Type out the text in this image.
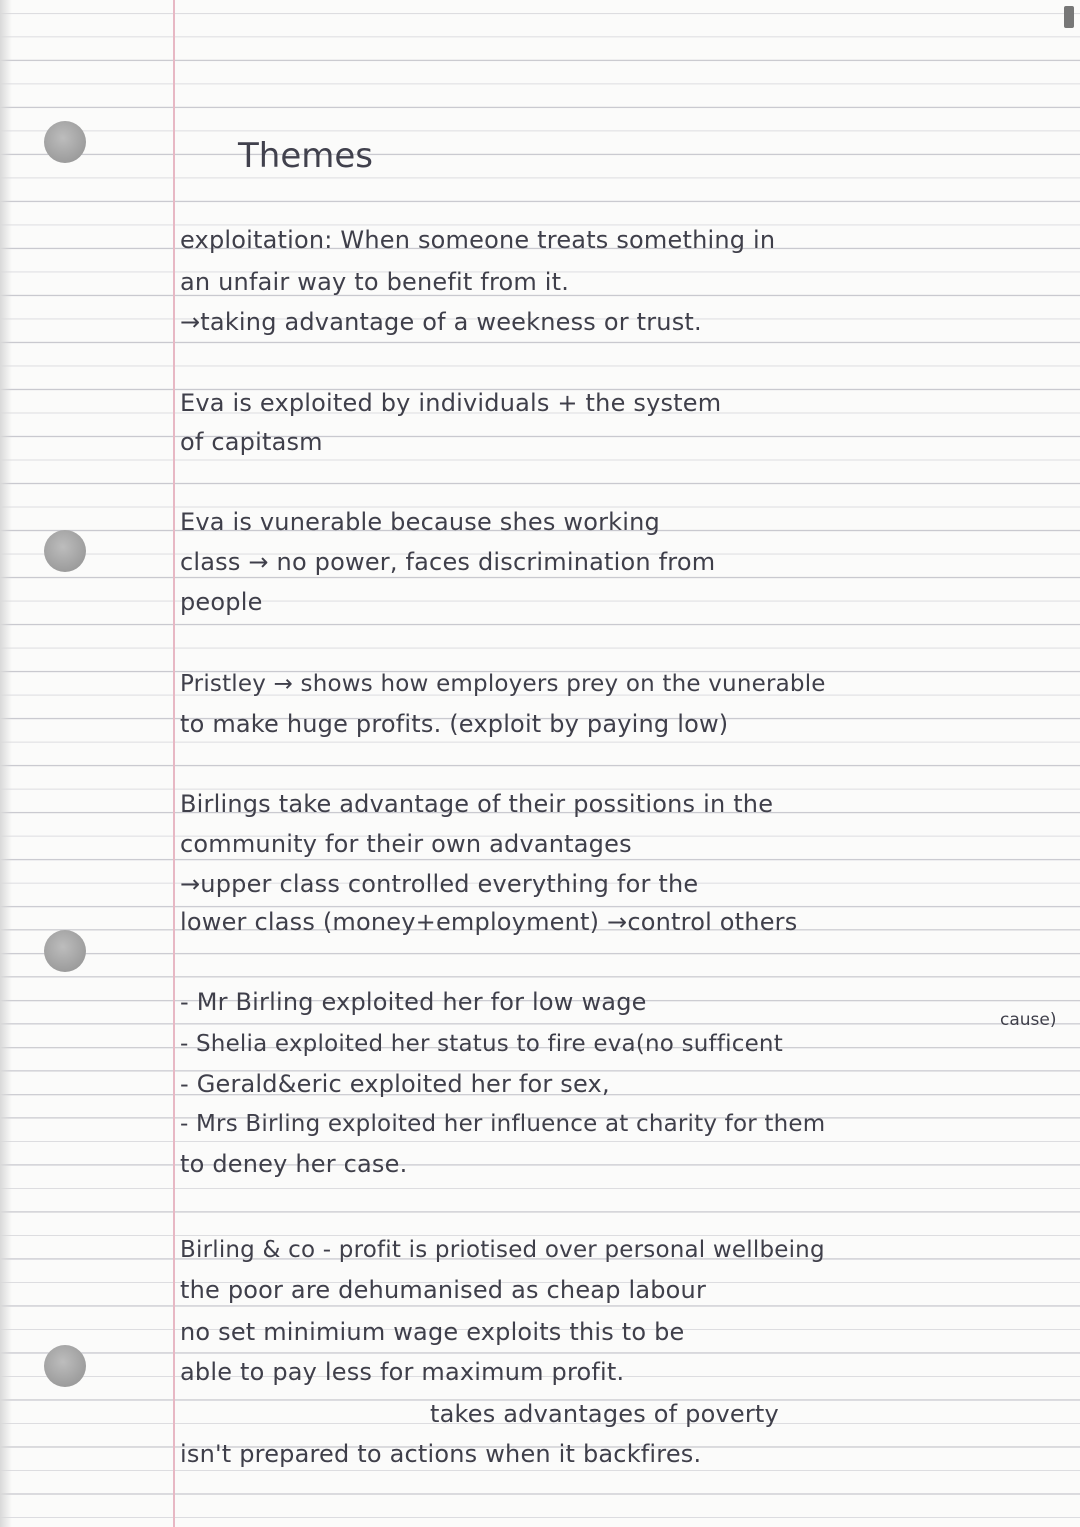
Themes
exploitation: When someone treats something in
an unfair way to benefit from it.
→taking advantage of a weekness or trust.
Eva is exploited by individuals + the system
of capitasm
Eva is vunerable because shes working
class → no power, faces discrimination from
people
Pristley → shows how employers prey on the vunerable
to make huge profits. (exploit by paying low)
Birlings take advantage of their possitions in the
community for their own advantages
→upper class controlled everything for the
lower class (money+employment) →control others
- Mr Birling exploited her for low wage
cause)
- Shelia exploited her status to fire eva(no sufficent
- Gerald&eric exploited her for sex,
- Mrs Birling exploited her influence at charity for them
to deney her case.
Birling & co - profit is priotised over personal wellbeing
the poor are dehumanised as cheap labour
no set minimium wage exploits this to be
able to pay less for maximum profit.
takes advantages of poverty
isn't prepared to actions when it backfires.
